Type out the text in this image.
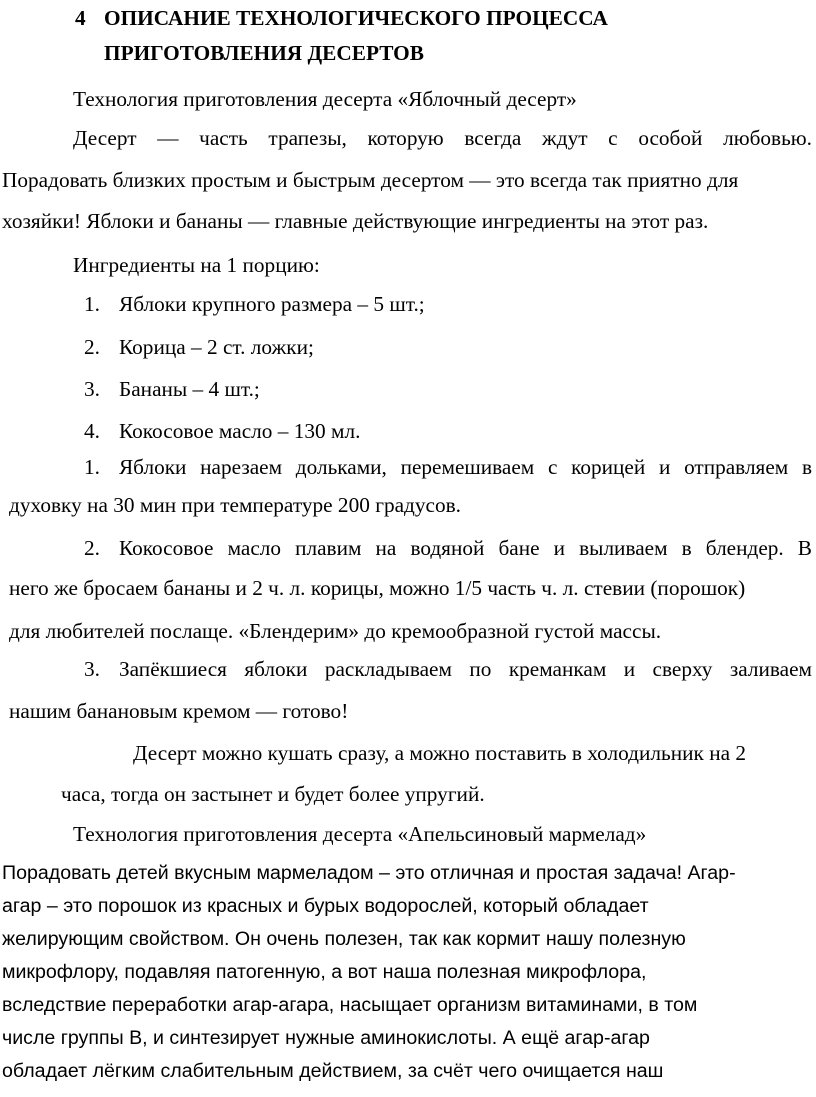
4 ОПИСАНИЕ ТЕХНОЛОГИЧЕСКОГО ПРОЦЕССА
ПРИГОТОВЛЕНИЯ ДЕСЕРТОВ
Технология приготовления десерта «Яблочный десерт»
Десерт — часть трапезы, которую всегда ждут с особой любовью.
Порадовать близких простым и быстрым десертом — это всегда так приятно для
хозяйки! Яблоки и бананы — главные действующие ингредиенты на этот раз.
Ингредиенты на 1 порцию:
1. Яблоки крупного размера – 5 шт.;
2. Корица – 2 ст. ложки;
3. Бананы – 4 шт.;
4. Кокосовое масло – 130 мл.
1. Яблоки нарезаем дольками, перемешиваем с корицей и отправляем в
духовку на 30 мин при температуре 200 градусов.
2. Кокосовое масло плавим на водяной бане и выливаем в блендер. В
него же бросаем бананы и 2 ч. л. корицы, можно 1/5 часть ч. л. стевии (порошок)
для любителей послаще. «Блендерим» до кремообразной густой массы.
3. Запёкшиеся яблоки раскладываем по креманкам и сверху заливаем
нашим банановым кремом — готово!
Десерт можно кушать сразу, а можно поставить в холодильник на 2
часа, тогда он застынет и будет более упругий.
Технология приготовления десерта «Апельсиновый мармелад»
Порадовать детей вкусным мармеладом – это отличная и простая задача! Агар-
агар – это порошок из красных и бурых водорослей, который обладает
желирующим свойством. Он очень полезен, так как кормит нашу полезную
микрофлору, подавляя патогенную, а вот наша полезная микрофлора,
вследствие переработки агар-агара, насыщает организм витаминами, в том
числе группы В, и синтезирует нужные аминокислоты. А ещё агар-агар
обладает лёгким слабительным действием, за счёт чего очищается наш
